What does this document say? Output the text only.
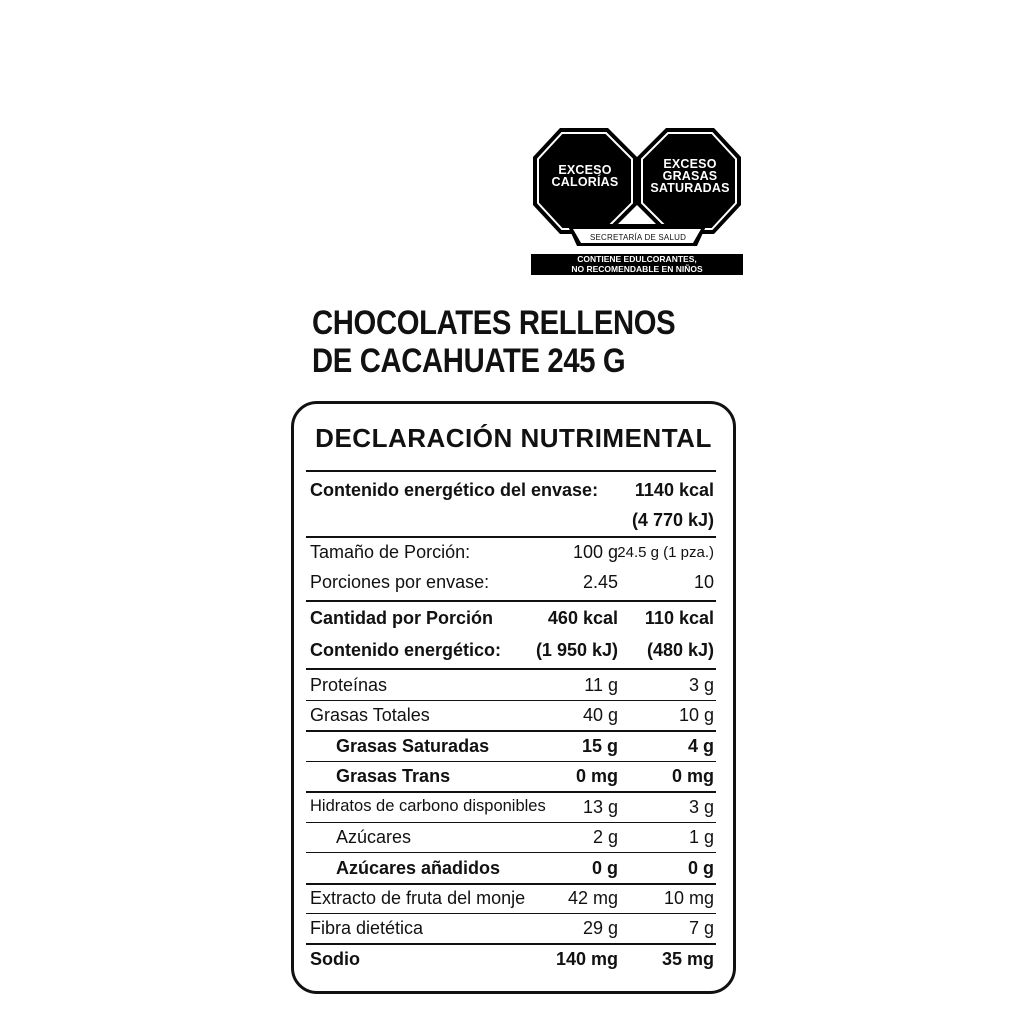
EXCESO
CALORÍAS
EXCESO
GRASAS
SATURADAS
SECRETARÍA DE SALUD
CONTIENE EDULCORANTES,
NO RECOMENDABLE EN NIÑOS
CHOCOLATES RELLENOS
DE CACAHUATE 245 G
DECLARACIÓN NUTRIMENTAL
Contenido energético del envase: 1140 kcal
(4 770 kJ)
Tamaño de Porción:	100 g 24.5 g (1 pza.)
Porciones por envase:	2.45	10
Cantidad por Porción	460 kcal 110 kcal
Contenido energético: (1 950 kJ) (480 kJ)
Proteínas	11 g	3 g
Grasas Totales	40 g	10 g
Grasas Saturadas	15 g	4 g
Grasas Trans	0 mg	0 mg
Hidratos de carbono disponibles 13 g	3 g
Azúcares	2 g	1 g
Azúcares añadidos	0 g	0 g
Extracto de fruta del monje 42 mg	10 mg
Fibra dietética	29 g	7 g
Sodio	140 mg 35 mg
